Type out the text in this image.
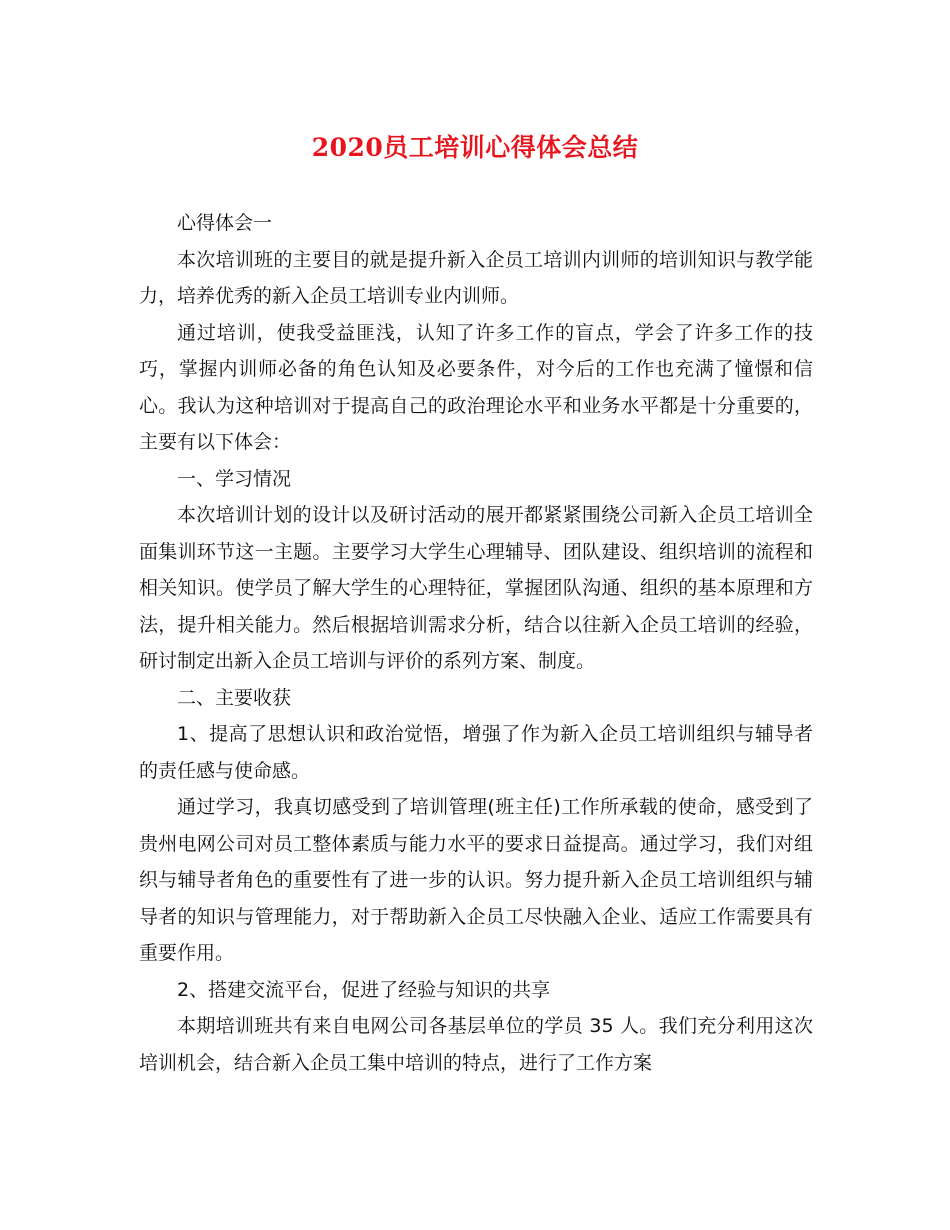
2020员工培训心得体会总结

心得体会一

本次培训班的主要目的就是提升新入企员工培训内训师的培训知识与教学能力，培养优秀的新入企员工培训专业内训师。

通过培训，使我受益匪浅，认知了许多工作的盲点，学会了许多工作的技巧，掌握内训师必备的角色认知及必要条件，对今后的工作也充满了憧憬和信心。我认为这种培训对于提高自己的政治理论水平和业务水平都是十分重要的，主要有以下体会：

一、学习情况

本次培训计划的设计以及研讨活动的展开都紧紧围绕公司新入企员工培训全面集训环节这一主题。主要学习大学生心理辅导、团队建设、组织培训的流程和相关知识。使学员了解大学生的心理特征，掌握团队沟通、组织的基本原理和方法，提升相关能力。然后根据培训需求分析，结合以往新入企员工培训的经验，研讨制定出新入企员工培训与评价的系列方案、制度。

二、主要收获

1、提高了思想认识和政治觉悟，增强了作为新入企员工培训组织与辅导者的责任感与使命感。

通过学习，我真切感受到了培训管理(班主任)工作所承载的使命，感受到了贵州电网公司对员工整体素质与能力水平的要求日益提高。通过学习，我们对组织与辅导者角色的重要性有了进一步的认识。努力提升新入企员工培训组织与辅导者的知识与管理能力，对于帮助新入企员工尽快融入企业、适应工作需要具有重要作用。

2、搭建交流平台，促进了经验与知识的共享

本期培训班共有来自电网公司各基层单位的学员 35 人。我们充分利用这次培训机会，结合新入企员工集中培训的特点，进行了工作方案
